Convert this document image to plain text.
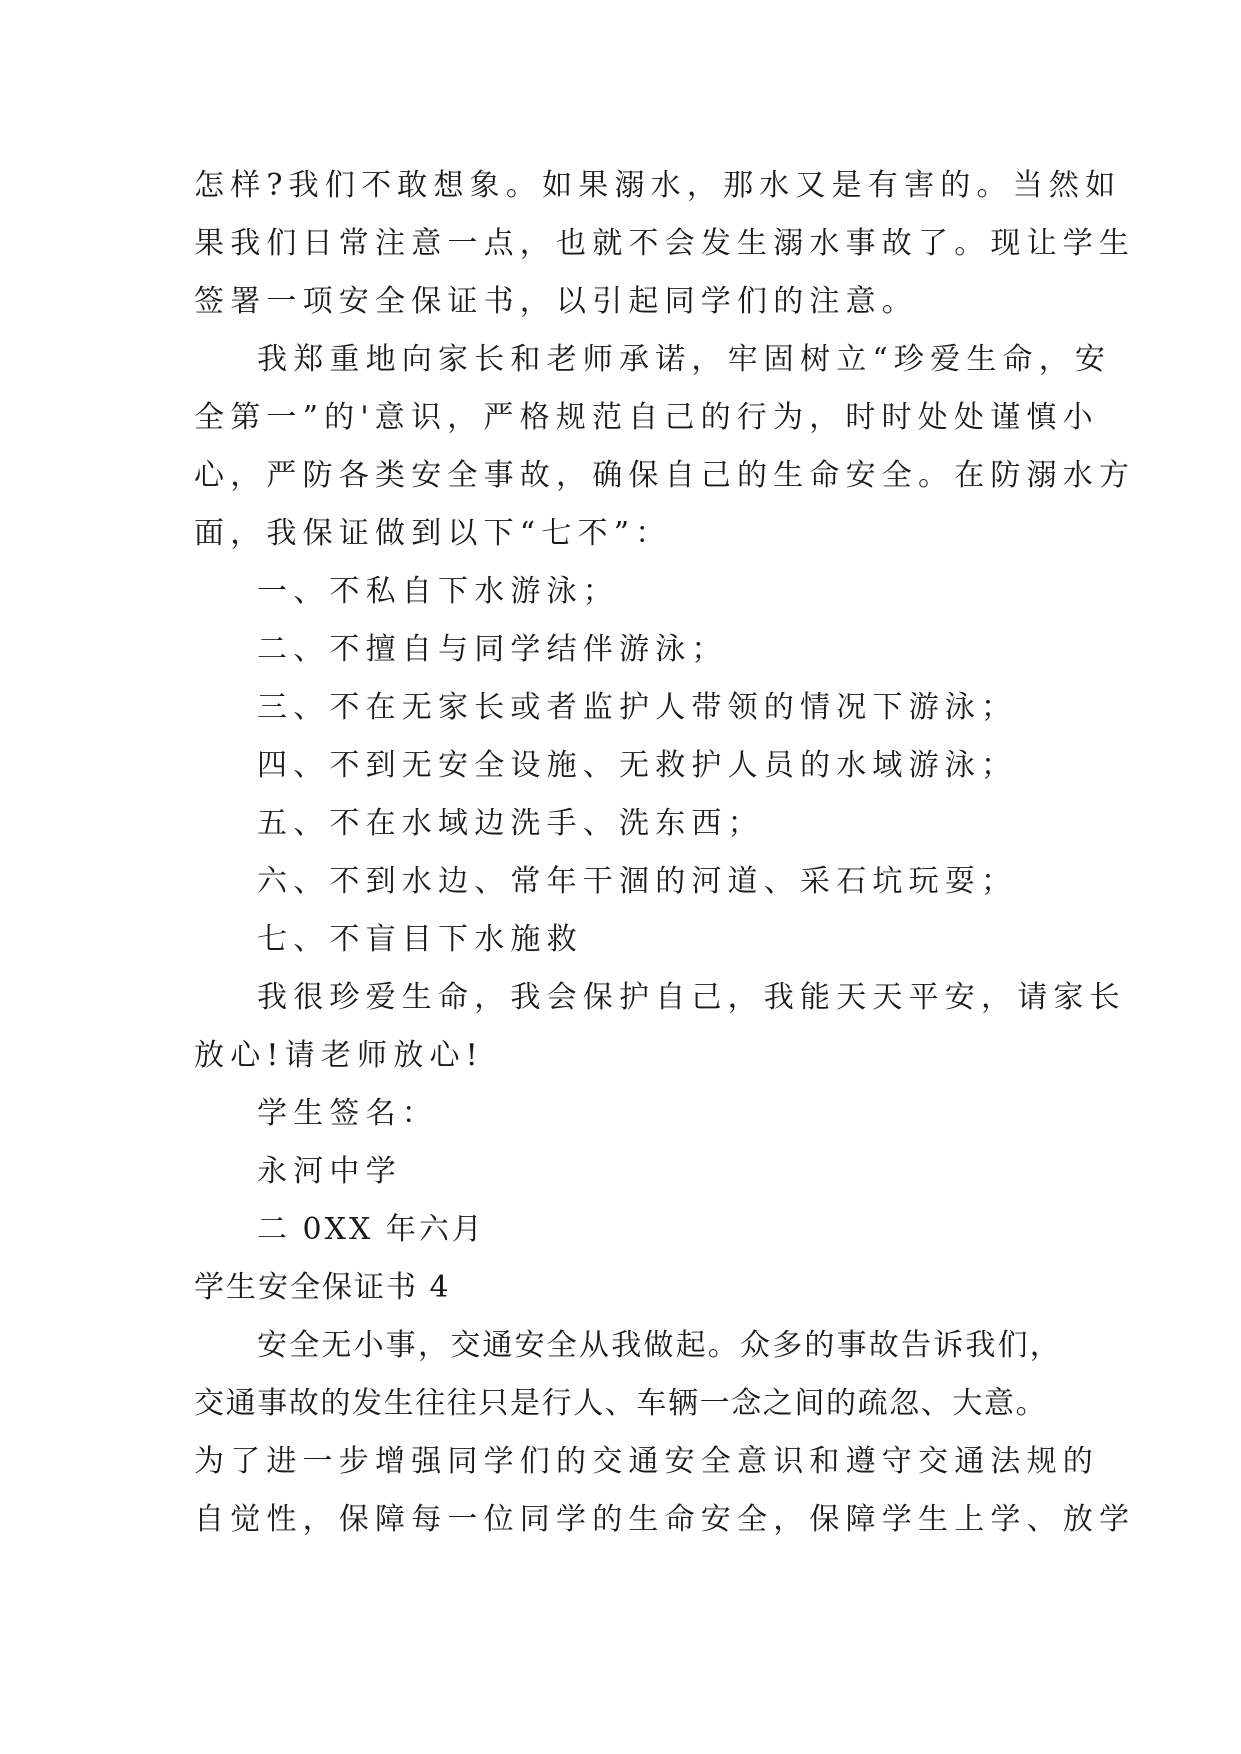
怎样?我们不敢想象。如果溺水，那水又是有害的。当然如
果我们日常注意一点，也就不会发生溺水事故了。现让学生
签署一项安全保证书，以引起同学们的注意。
我郑重地向家长和老师承诺，牢固树立“珍爱生命，安
全第一”的'意识，严格规范自己的行为，时时处处谨慎小
心，严防各类安全事故，确保自己的生命安全。在防溺水方
面，我保证做到以下“七不”：
一、不私自下水游泳；
二、不擅自与同学结伴游泳；
三、不在无家长或者监护人带领的情况下游泳；
四、不到无安全设施、无救护人员的水域游泳；
五、不在水域边洗手、洗东西；
六、不到水边、常年干涸的河道、采石坑玩耍；
七、不盲目下水施救
我很珍爱生命，我会保护自己，我能天天平安，请家长
放心!请老师放心!
学生签名：
永河中学
二 0XX 年六月
学生安全保证书 4
安全无小事，交通安全从我做起。众多的事故告诉我们，
交通事故的发生往往只是行人、车辆一念之间的疏忽、大意。
为了进一步增强同学们的交通安全意识和遵守交通法规的
自觉性，保障每一位同学的生命安全，保障学生上学、放学
